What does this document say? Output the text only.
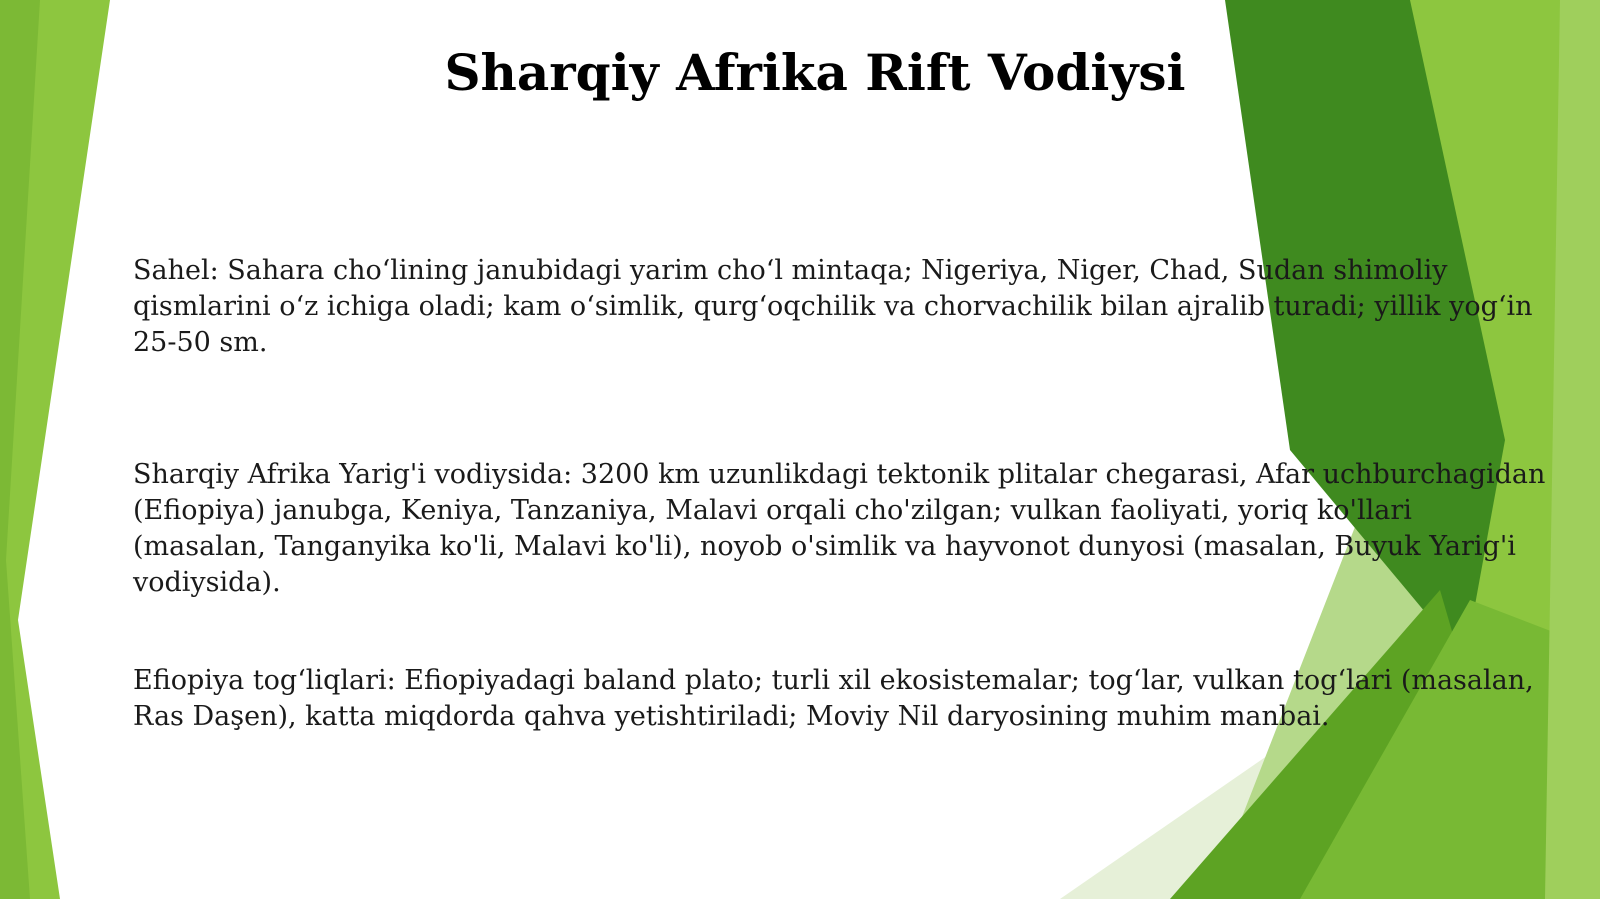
Sharqiy Afrika Rift Vodiysi

Sahel: Sahara cho‘lining janubidagi yarim cho‘l mintaqa; Nigeriya, Niger, Chad, Sudan shimoliy qismlarini o‘z ichiga oladi; kam o‘simlik, qurg‘oqchilik va chorvachilik bilan ajralib turadi; yillik yog‘in 25-50 sm.

Sharqiy Afrika Yarig'i vodiysida: 3200 km uzunlikdagi tektonik plitalar chegarasi, Afar uchburchagidan (Efiopiya) janubga, Keniya, Tanzaniya, Malavi orqali cho'zilgan; vulkan faoliyati, yoriq ko'llari (masalan, Tanganyika ko'li, Malavi ko'li), noyob o'simlik va hayvonot dunyosi (masalan, Buyuk Yarig'i vodiysida).

Efiopiya tog‘liqlari: Efiopiyadagi baland plato; turli xil ekosistemalar; tog‘lar, vulkan tog‘lari (masalan, Ras Daşen), katta miqdorda qahva yetishtiriladi; Moviy Nil daryosining muhim manbai.
